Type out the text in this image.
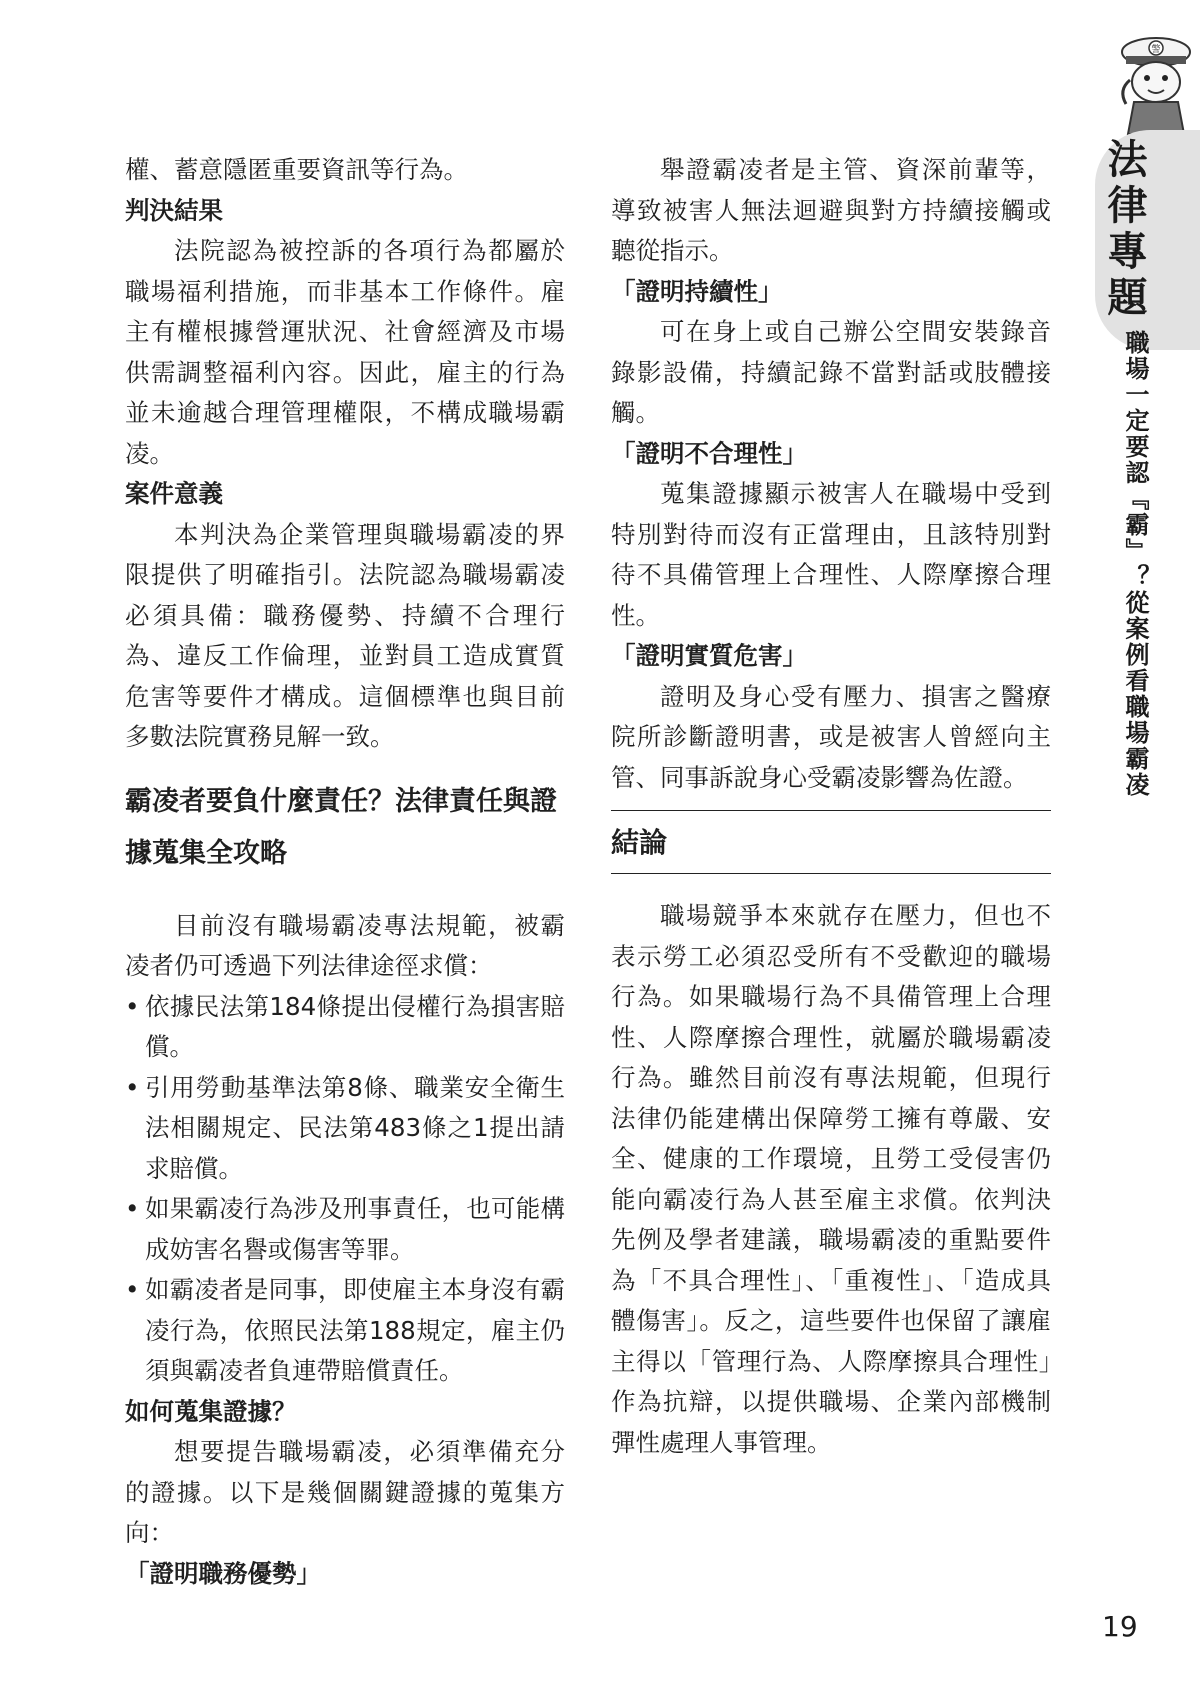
警
法律專題
職場一定要認『霸』？從案例看職場霸凌

權、蓄意隱匿重要資訊等行為。

判決結果

法院認為被控訴的各項行為都屬於職場福利措施，而非基本工作條件。雇主有權根據營運狀況、社會經濟及市場供需調整福利內容。因此，雇主的行為並未逾越合理管理權限，不構成職場霸凌。

案件意義

本判決為企業管理與職場霸凌的界限提供了明確指引。法院認為職場霸凌必須具備：職務優勢、持續不合理行為、違反工作倫理，並對員工造成實質危害等要件才構成。這個標準也與目前多數法院實務見解一致。

霸凌者要負什麼責任？法律責任與證據蒐集全攻略

目前沒有職場霸凌專法規範，被霸凌者仍可透過下列法律途徑求償：

• 依據民法第184條提出侵權行為損害賠償。
• 引用勞動基準法第8條、職業安全衛生法相關規定、民法第483條之1提出請求賠償。
• 如果霸凌行為涉及刑事責任，也可能構成妨害名譽或傷害等罪。
• 如霸凌者是同事，即使雇主本身沒有霸凌行為，依照民法第188規定，雇主仍須與霸凌者負連帶賠償責任。
如何蒐集證據？

想要提告職場霸凌，必須準備充分的證據。以下是幾個關鍵證據的蒐集方向：

「證明職務優勢」

舉證霸凌者是主管、資深前輩等，導致被害人無法迴避與對方持續接觸或聽從指示。

「證明持續性」

可在身上或自己辦公空間安裝錄音錄影設備，持續記錄不當對話或肢體接觸。

「證明不合理性」

蒐集證據顯示被害人在職場中受到特別對待而沒有正當理由，且該特別對待不具備管理上合理性、人際摩擦合理性。

「證明實質危害」

證明及身心受有壓力、損害之醫療院所診斷證明書，或是被害人曾經向主管、同事訴說身心受霸凌影響為佐證。

結論

職場競爭本來就存在壓力，但也不表示勞工必須忍受所有不受歡迎的職場行為。如果職場行為不具備管理上合理性、人際摩擦合理性，就屬於職場霸凌行為。雖然目前沒有專法規範，但現行法律仍能建構出保障勞工擁有尊嚴、安全、健康的工作環境，且勞工受侵害仍能向霸凌行為人甚至雇主求償。依判決先例及學者建議，職場霸凌的重點要件為「不具合理性」、「重複性」、「造成具體傷害」。反之，這些要件也保留了讓雇主得以「管理行為、人際摩擦具合理性」作為抗辯，以提供職場、企業內部機制彈性處理人事管理。

19
